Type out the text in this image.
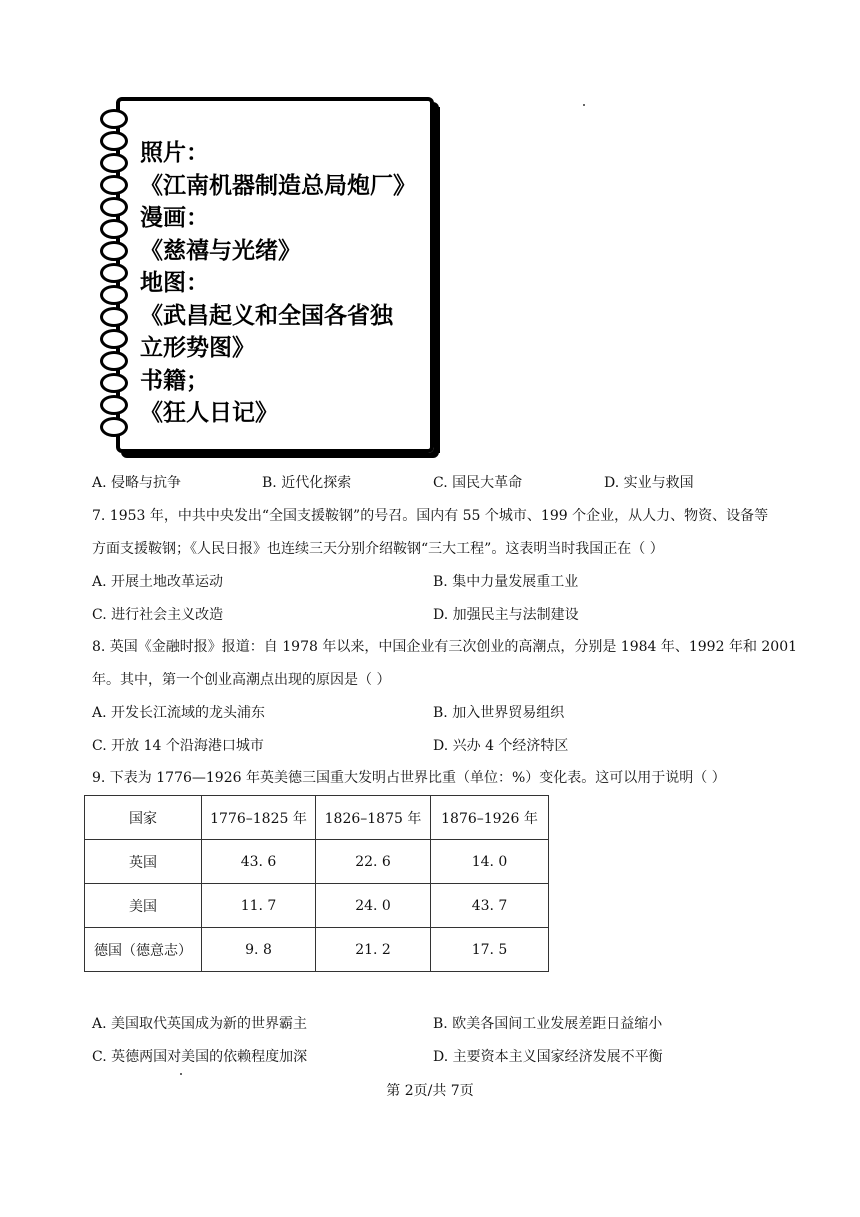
照片：
《江南机器制造总局炮厂》
漫画：
《慈禧与光绪》
地图：
《武昌起义和全国各省独
立形势图》
书籍；
《狂人日记》
A. 侵略与抗争	B. 近代化探索	C. 国民大革命	D. 实业与救国
7. 1953 年，中共中央发出“全国支援鞍钢”的号召。国内有 55 个城市、199 个企业，从人力、物资、设备等
方面支援鞍钢；《人民日报》也连续三天分别介绍鞍钢“三大工程”。这表明当时我国正在（ ）
A. 开展土地改革运动	B. 集中力量发展重工业
C. 进行社会主义改造	D. 加强民主与法制建设
8. 英国《金融时报》报道：自 1978 年以来，中国企业有三次创业的高潮点，分别是 1984 年、1992 年和 2001
年。其中，第一个创业高潮点出现的原因是（ ）
A. 开发长江流域的龙头浦东	B. 加入世界贸易组织
C. 开放 14 个沿海港口城市	D. 兴办 4 个经济特区
9. 下表为 1776—1926 年英美德三国重大发明占世界比重（单位：%）变化表。这可以用于说明（ ）
国家	1776–1825 年	1826–1875 年	1876–1926 年
英国	43. 6	22. 6	14. 0
美国	11. 7	24. 0	43. 7
德国（德意志）	9. 8	21. 2	17. 5
A. 美国取代英国成为新的世界霸主	B. 欧美各国间工业发展差距日益缩小
C. 英德两国对美国的依赖程度加深	D. 主要资本主义国家经济发展不平衡
第 2页/共 7页
